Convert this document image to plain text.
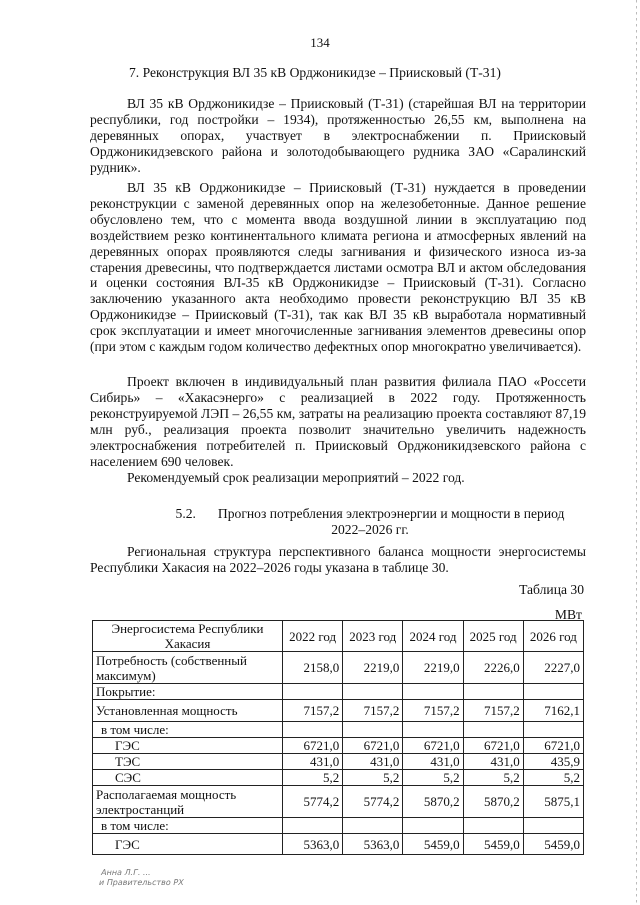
134
7. Реконструкция ВЛ 35 кВ Орджоникидзе – Приисковый (Т-31)

ВЛ 35 кВ Орджоникидзе – Приисковый (Т-31) (старейшая ВЛ на территории республики, год постройки – 1934), протяженностью 26,55 км, выполнена на деревянных опорах, участвует в электроснабжении п. Приисковый Орджоникидзевского района и золотодобывающего рудника ЗАО «Саралинский рудник».

ВЛ 35 кВ Орджоникидзе – Приисковый (Т-31) нуждается в проведении реконструкции с заменой деревянных опор на железобетонные. Данное решение обусловлено тем, что с момента ввода воздушной линии в эксплуатацию под воздействием резко континентального климата региона и атмосферных явлений на деревянных опорах проявляются следы загнивания и физического износа из-за старения древесины, что подтверждается листами осмотра ВЛ и актом обследования и оценки состояния ВЛ-35 кВ Орджоникидзе – Приисковый (Т-31). Согласно заключению указанного акта необходимо провести реконструкцию ВЛ 35 кВ Орджоникидзе – Приисковый (Т-31), так как ВЛ 35 кВ выработала нормативный срок эксплуатации и имеет многочисленные загнивания элементов древесины опор (при этом с каждым годом количество дефектных опор многократно увеличивается).

Проект включен в индивидуальный план развития филиала ПАО «Россети Сибирь» – «Хакасэнерго» с реализацией в 2022 году. Протяженность реконструируемой ЛЭП – 26,55 км, затраты на реализацию проекта составляют 87,19 млн руб., реализация проекта позволит значительно увеличить надежность электроснабжения потребителей п. Приисковый Орджоникидзевского района с населением 690 человек.

Рекомендуемый срок реализации мероприятий – 2022 год.

5.2. Прогноз потребления электроэнергии и мощности в период
2022–2026 гг.

Региональная структура перспективного баланса мощности энергосистемы Республики Хакасия на 2022–2026 годы указана в таблице 30.

Таблица 30
МВт
Энергосистема Республики
Хакасия	2022 год	2023 год	2024 год	2025 год	2026 год
Потребность (собственный максимум)	2158,0	2219,0	2219,0	2226,0	2227,0
Покрытие:					
Установленная мощность	7157,2	7157,2	7157,2	7157,2	7162,1
в том числе:					
ГЭС	6721,0	6721,0	6721,0	6721,0	6721,0
ТЭС	431,0	431,0	431,0	431,0	435,9
СЭС	5,2	5,2	5,2	5,2	5,2
Располагаемая мощность электростанций	5774,2	5774,2	5870,2	5870,2	5875,1
в том числе:					
ГЭС	5363,0	5363,0	5459,0	5459,0	5459,0
Анна Л.Г. ...
и Правительство РХ
